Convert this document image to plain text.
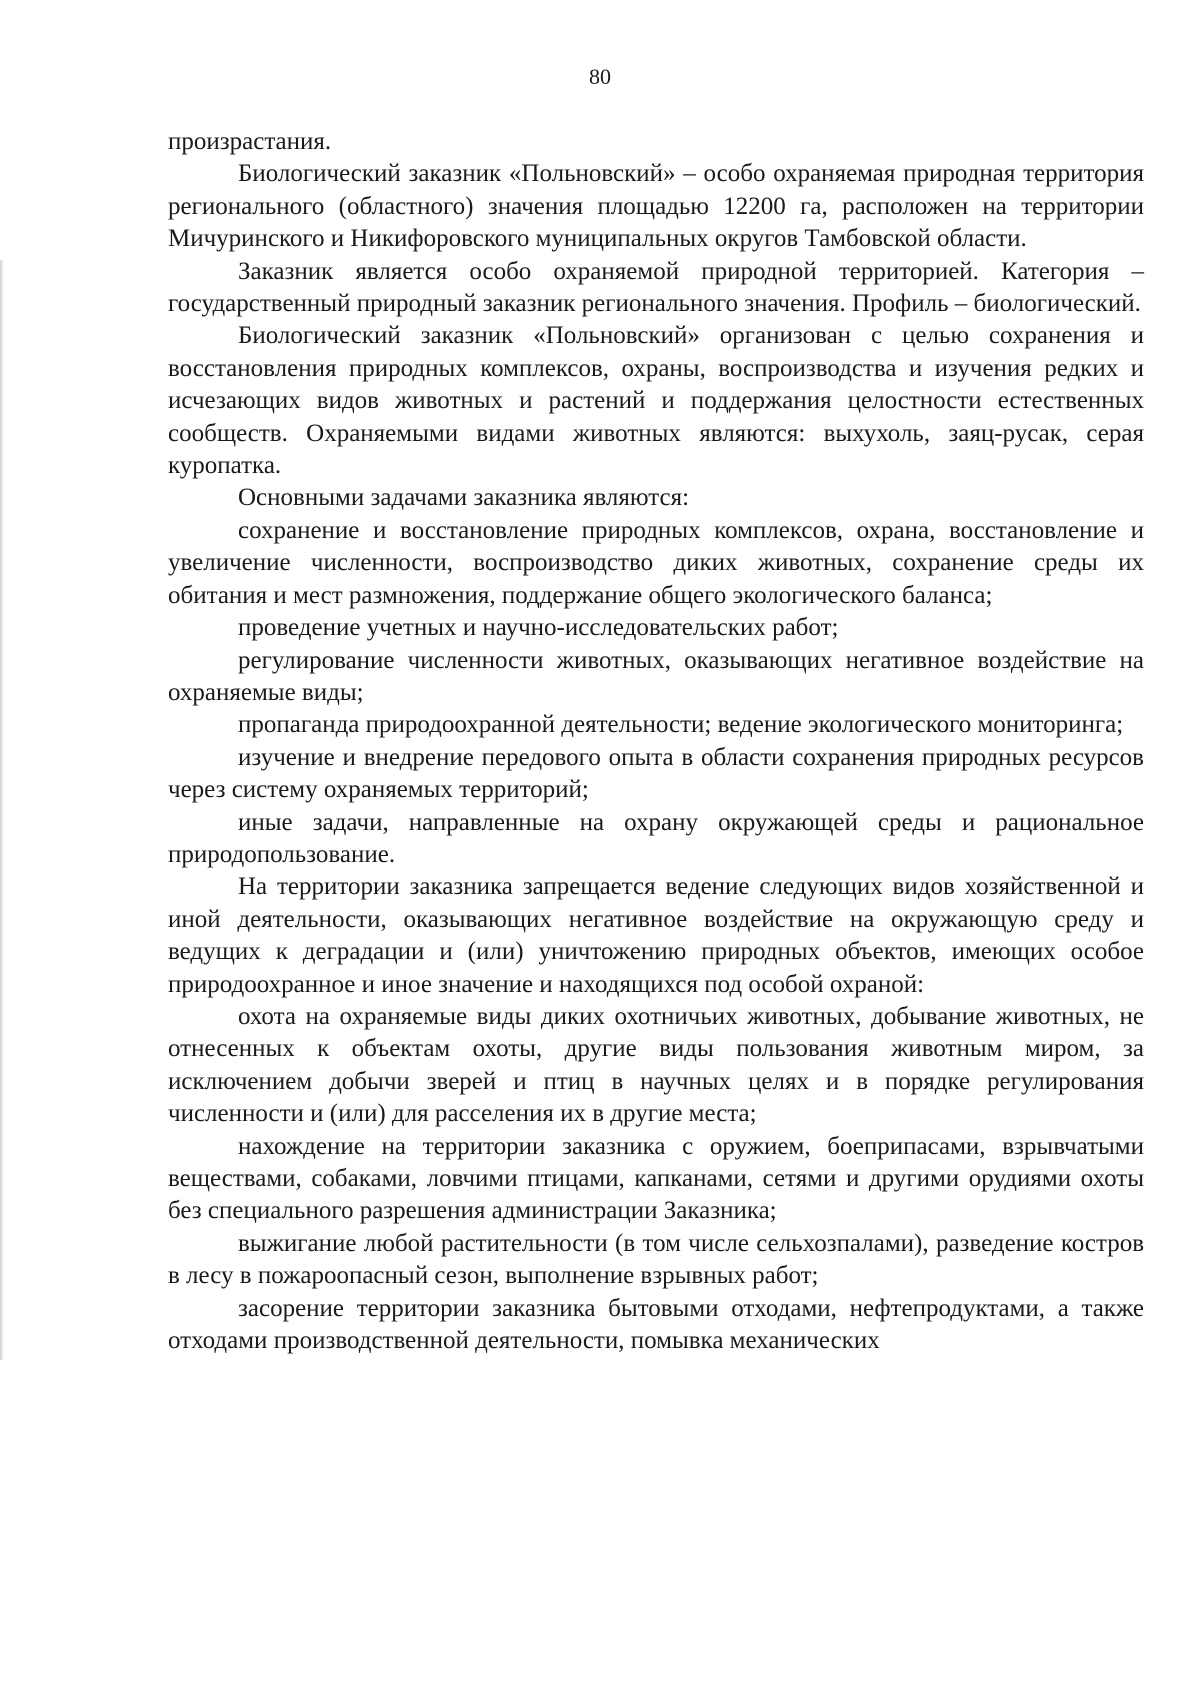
80

произрастания.

Биологический заказник «Польновский» – особо охраняемая природная территория регионального (областного) значения площадью 12200 га, расположен на территории Мичуринского и Никифоровского муниципальных округов Тамбовской области.

Заказник является особо охраняемой природной территорией. Категория – государственный природный заказник регионального значения. Профиль – биологический.

Биологический заказник «Польновский» организован с целью сохранения и восстановления природных комплексов, охраны, воспроизводства и изучения редких и исчезающих видов животных и растений и поддержания целостности естественных сообществ. Охраняемыми видами животных являются: выхухоль, заяц-русак, серая куропатка.

Основными задачами заказника являются:

сохранение и восстановление природных комплексов, охрана, восстановление и увеличение численности, воспроизводство диких животных, сохранение среды их обитания и мест размножения, поддержание общего экологического баланса;

проведение учетных и научно-исследовательских работ;

регулирование численности животных, оказывающих негативное воздействие на охраняемые виды;

пропаганда природоохранной деятельности; ведение экологического мониторинга;

изучение и внедрение передового опыта в области сохранения природных ресурсов через систему охраняемых территорий;

иные задачи, направленные на охрану окружающей среды и рациональное природопользование.

На территории заказника запрещается ведение следующих видов хозяйственной и иной деятельности, оказывающих негативное воздействие на окружающую среду и ведущих к деградации и (или) уничтожению природных объектов, имеющих особое природоохранное и иное значение и находящихся под особой охраной:

охота на охраняемые виды диких охотничьих животных, добывание животных, не отнесенных к объектам охоты, другие виды пользования животным миром, за исключением добычи зверей и птиц в научных целях и в порядке регулирования численности и (или) для расселения их в другие места;

нахождение на территории заказника с оружием, боеприпасами, взрывчатыми веществами, собаками, ловчими птицами, капканами, сетями и другими орудиями охоты без специального разрешения администрации Заказника;

выжигание любой растительности (в том числе сельхозпалами), разведение костров в лесу в пожароопасный сезон, выполнение взрывных работ;

засорение территории заказника бытовыми отходами, нефтепродуктами, а также отходами производственной деятельности, помывка механических
